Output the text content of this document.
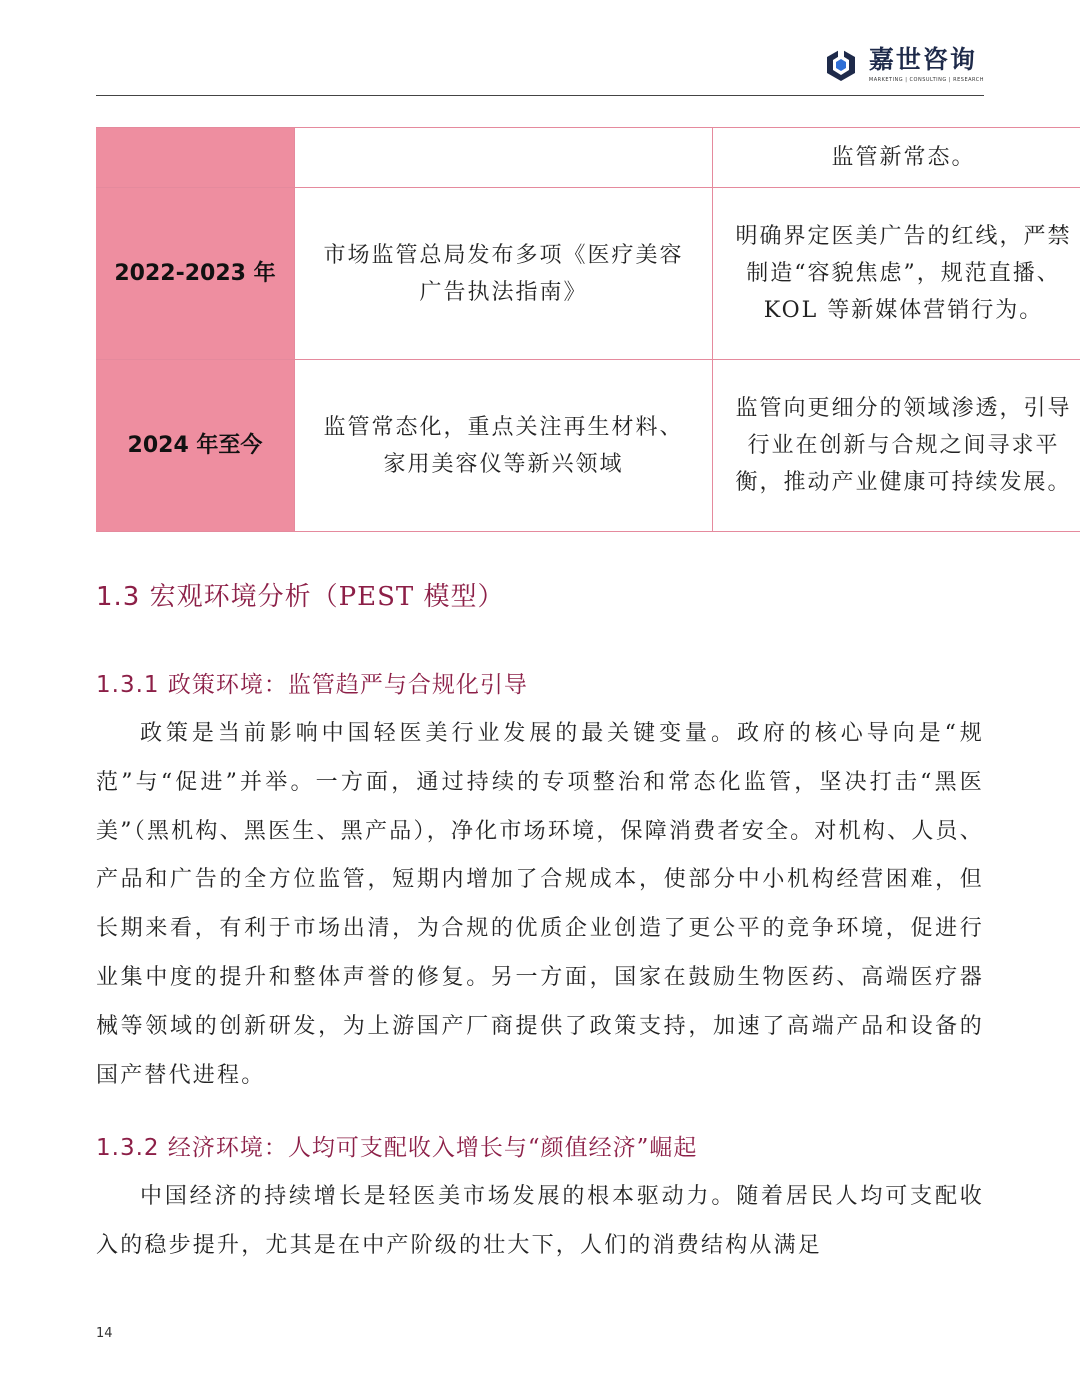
嘉世咨询
MARKETING | CONSULTING | RESEARCH
		监管新常态。
2022-2023 年	市场监管总局发布多项《医疗美容广告执法指南》	明确界定医美广告的红线，严禁制造“容貌焦虑”，规范直播、KOL 等新媒体营销行为。
2024 年至今	监管常态化，重点关注再生材料、家用美容仪等新兴领域	监管向更细分的领域渗透，引导行业在创新与合规之间寻求平衡，推动产业健康可持续发展。
1.3 宏观环境分析（PEST 模型）
1.3.1 政策环境：监管趋严与合规化引导

政策是当前影响中国轻医美行业发展的最关键变量。政府的核心导向是“规范”与“促进”并举。一方面，通过持续的专项整治和常态化监管，坚决打击“黑医美”（黑机构、黑医生、黑产品），净化市场环境，保障消费者安全。对机构、人员、产品和广告的全方位监管，短期内增加了合规成本，使部分中小机构经营困难，但长期来看，有利于市场出清，为合规的优质企业创造了更公平的竞争环境，促进行业集中度的提升和整体声誉的修复。另一方面，国家在鼓励生物医药、高端医疗器械等领域的创新研发，为上游国产厂商提供了政策支持，加速了高端产品和设备的国产替代进程。

1.3.2 经济环境：人均可支配收入增长与“颜值经济”崛起

中国经济的持续增长是轻医美市场发展的根本驱动力。随着居民人均可支配收入的稳步提升，尤其是在中产阶级的壮大下，人们的消费结构从满足

14
